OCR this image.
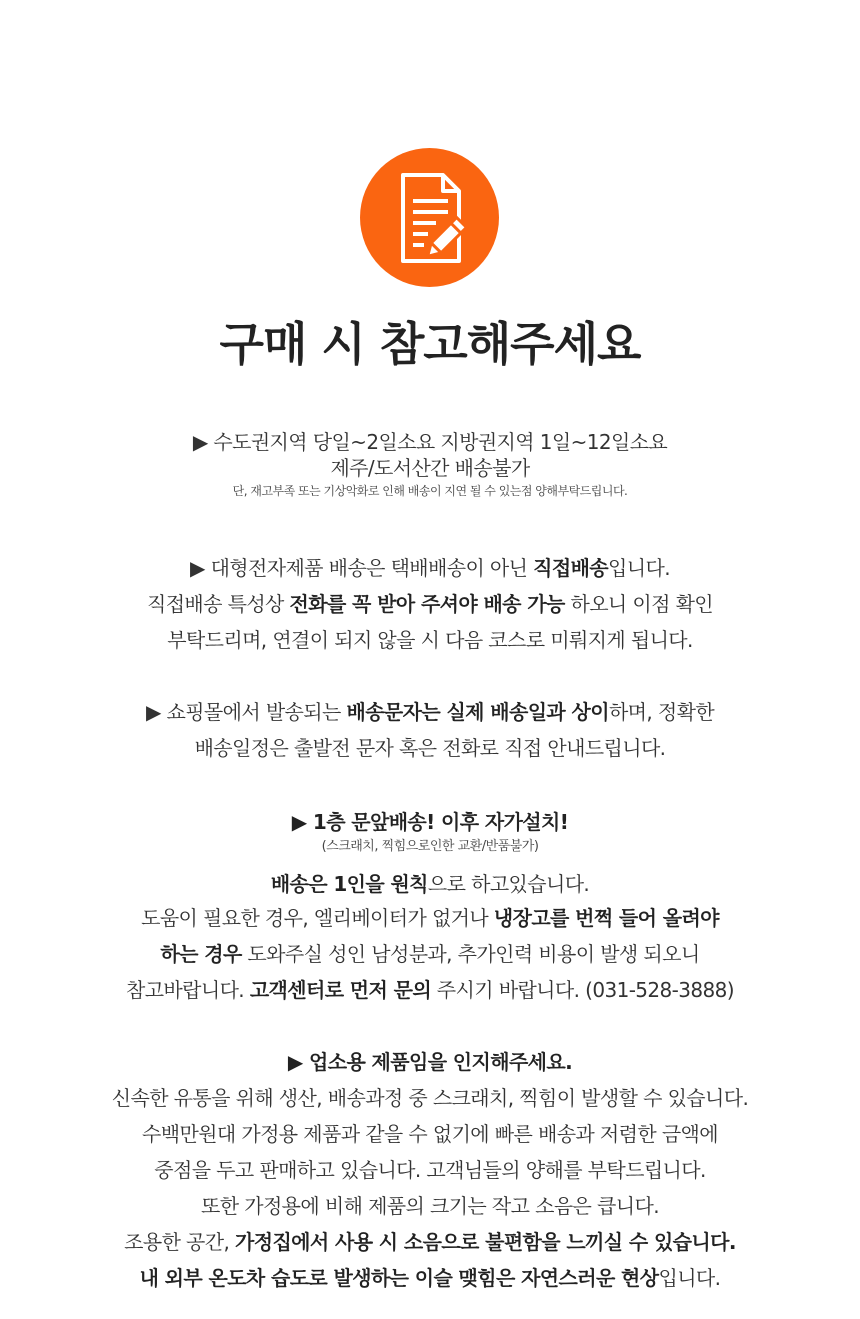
구매 시 참고해주세요
▶ 수도권지역 당일~2일소요 지방권지역 1일~12일소요
제주/도서산간 배송불가
단, 재고부족 또는 기상악화로 인해 배송이 지연 될 수 있는점 양해부탁드립니다.
▶ 대형전자제품 배송은 택배배송이 아닌 직접배송입니다.
직접배송 특성상 전화를 꼭 받아 주셔야 배송 가능 하오니 이점 확인
부탁드리며, 연결이 되지 않을 시 다음 코스로 미뤄지게 됩니다.
▶ 쇼핑몰에서 발송되는 배송문자는 실제 배송일과 상이하며, 정확한
배송일정은 출발전 문자 혹은 전화로 직접 안내드립니다.
▶ 1층 문앞배송! 이후 자가설치!
(스크래치, 찍힘으로인한 교환/반품불가)
배송은 1인을 원칙으로 하고있습니다.
도움이 필요한 경우, 엘리베이터가 없거나 냉장고를 번쩍 들어 올려야
하는 경우 도와주실 성인 남성분과, 추가인력 비용이 발생 되오니
참고바랍니다. 고객센터로 먼저 문의 주시기 바랍니다. (031-528-3888)
▶ 업소용 제품임을 인지해주세요.
신속한 유통을 위해 생산, 배송과정 중 스크래치, 찍힘이 발생할 수 있습니다.
수백만원대 가정용 제품과 같을 수 없기에 빠른 배송과 저렴한 금액에
중점을 두고 판매하고 있습니다. 고객님들의 양해를 부탁드립니다.
또한 가정용에 비해 제품의 크기는 작고 소음은 큽니다.
조용한 공간, 가정집에서 사용 시 소음으로 불편함을 느끼실 수 있습니다.
내 외부 온도차 습도로 발생하는 이슬 맺힘은 자연스러운 현상입니다.
